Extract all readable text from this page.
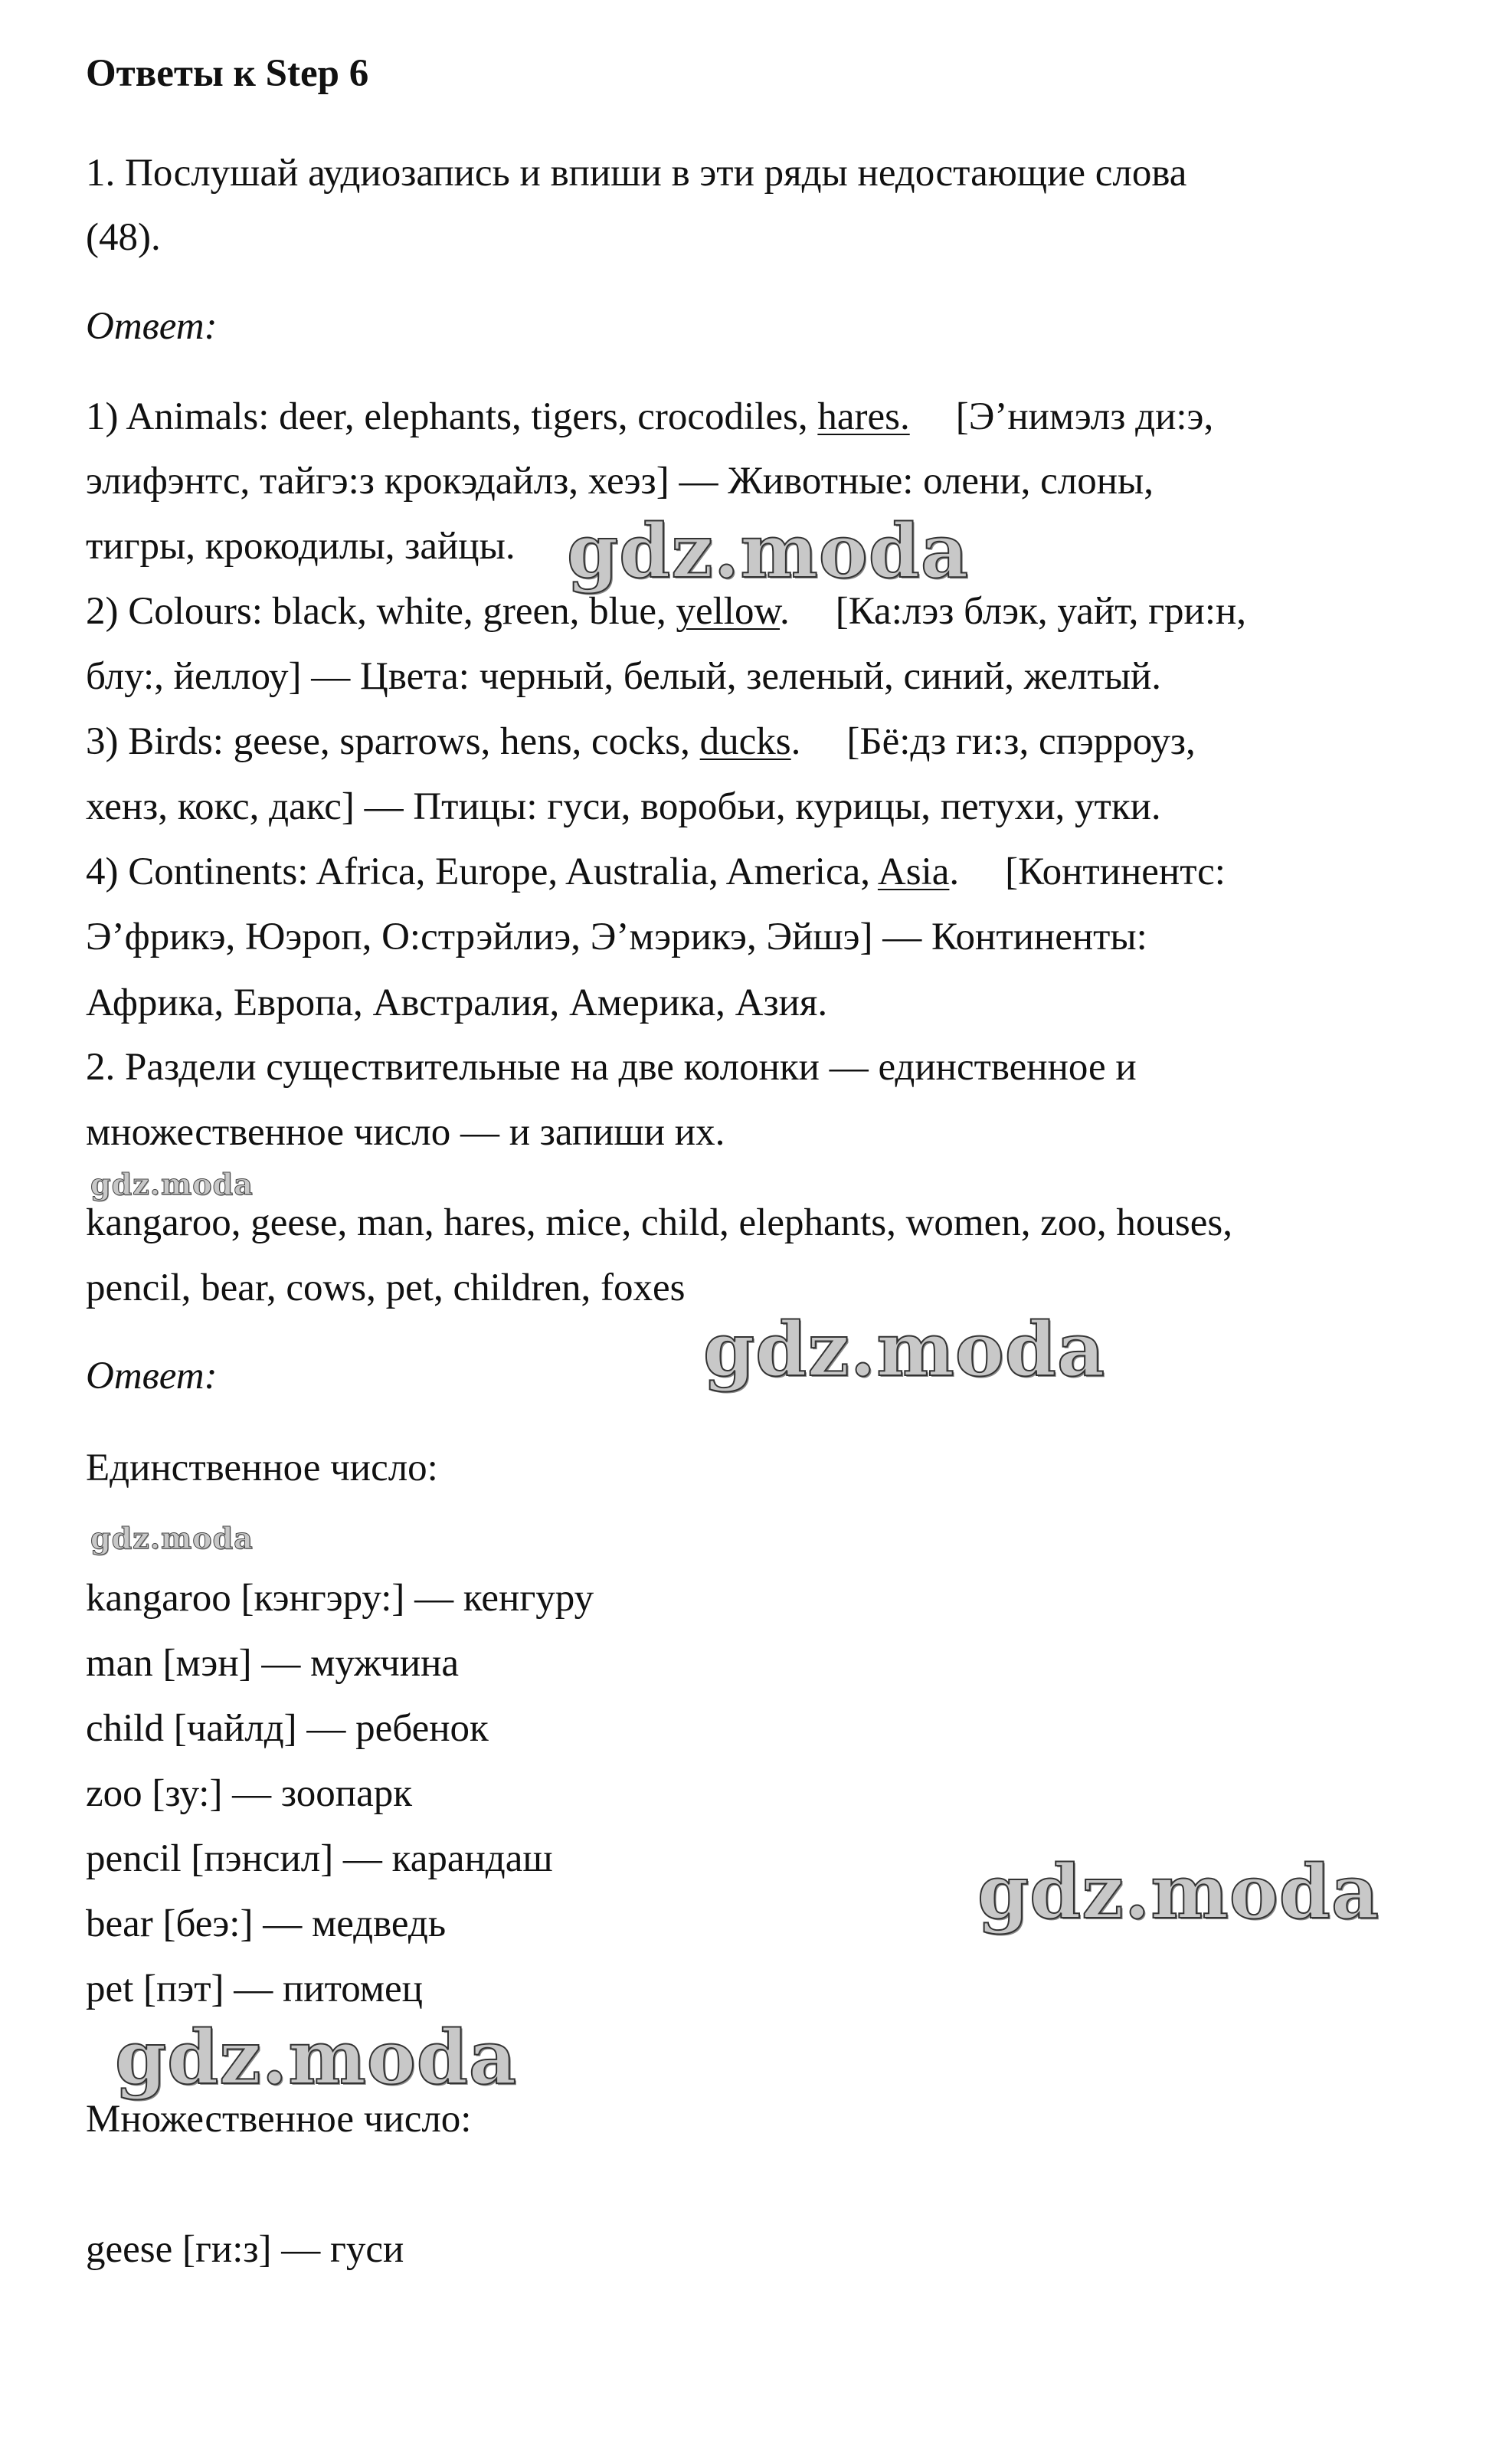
Ответы к Step 6
1. Послушай аудиозапись и впиши в эти ряды недостающие слова
(48).
Ответ:
1) Animals: deer, elephants, tigers, crocodiles, hares. [Э’нимэлз ди:э,
элифэнтс, тайгэ:з крокэдайлз, хеэз] — Животные: олени, слоны,
тигры, крокодилы, зайцы.
2) Colours: black, white, green, blue, yellow. [Ка:лэз блэк, уайт, гри:н,
блу:, йеллоу] — Цвета: черный, белый, зеленый, синий, желтый.
3) Birds: geese, sparrows, hens, cocks, ducks. [Бё:дз ги:з, спэрроуз,
хенз, кокс, дакс] — Птицы: гуси, воробьи, курицы, петухи, утки.
4) Continents: Africa, Europe, Australia, America, Asia. [Континентс:
Э’фрикэ, Юэроп, О:стрэйлиэ, Э’мэрикэ, Эйшэ] — Континенты:
Африка, Европа, Австралия, Америка, Азия.
2. Раздели существительные на две колонки — единственное и
множественное число — и запиши их.
kangaroo, geese, man, hares, mice, child, elephants, women, zoo, houses,
pencil, bear, cows, pet, children, foxes
Ответ:
Единственное число:
kangaroo [кэнгэру:] — кенгуру
man [мэн] — мужчина
child [чайлд] — ребенок
zoo [зу:] — зоопарк
pencil [пэнсил] — карандаш
bear [беэ:] — медведь
pet [пэт] — питомец
Множественное число:
geese [ги:з] — гуси
gdz.moda
gdz.moda
gdz.moda
gdz.moda
gdz.moda
gdz.moda
